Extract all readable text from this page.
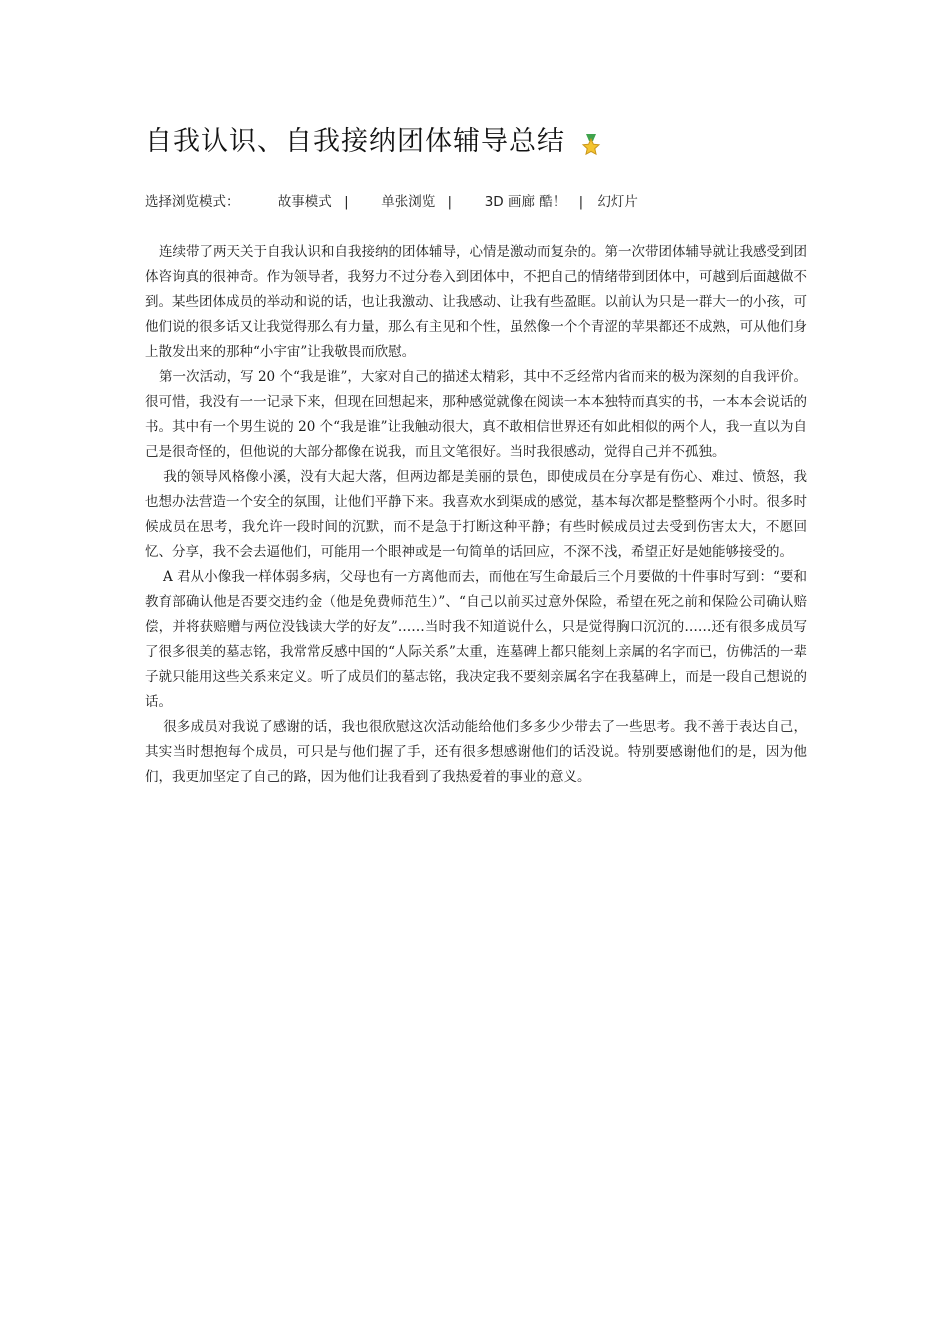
自我认识、自我接纳团体辅导总结
选择浏览模式：	故事模式 | 单张浏览 | 3D 画廊 酷！ | 幻灯片

连续带了两天关于自我认识和自我接纳的团体辅导，心情是激动而复杂的。第一次带团体辅导就让我感受到团体咨询真的很神奇。作为领导者，我努力不过分卷入到团体中，不把自己的情绪带到团体中，可越到后面越做不到。某些团体成员的举动和说的话，也让我激动、让我感动、让我有些盈眶。以前认为只是一群大一的小孩，可他们说的很多话又让我觉得那么有力量，那么有主见和个性，虽然像一个个青涩的苹果都还不成熟，可从他们身上散发出来的那种“小宇宙”让我敬畏而欣慰。

第一次活动，写 20 个“我是谁”，大家对自己的描述太精彩，其中不乏经常内省而来的极为深刻的自我评价。很可惜，我没有一一记录下来，但现在回想起来，那种感觉就像在阅读一本本独特而真实的书，一本本会说话的书。其中有一个男生说的 20 个“我是谁”让我触动很大，真不敢相信世界还有如此相似的两个人，我一直以为自己是很奇怪的，但他说的大部分都像在说我，而且文笔很好。当时我很感动，觉得自己并不孤独。

我的领导风格像小溪，没有大起大落，但两边都是美丽的景色，即使成员在分享是有伤心、难过、愤怒，我也想办法营造一个安全的氛围，让他们平静下来。我喜欢水到渠成的感觉，基本每次都是整整两个小时。很多时候成员在思考，我允许一段时间的沉默，而不是急于打断这种平静；有些时候成员过去受到伤害太大，不愿回忆、分享，我不会去逼他们，可能用一个眼神或是一句简单的话回应，不深不浅，希望正好是她能够接受的。

A 君从小像我一样体弱多病，父母也有一方离他而去，而他在写生命最后三个月要做的十件事时写到：“要和教育部确认他是否要交违约金（他是免费师范生）”、“自己以前买过意外保险，希望在死之前和保险公司确认赔偿，并将获赔赠与两位没钱读大学的好友”……当时我不知道说什么，只是觉得胸口沉沉的……还有很多成员写了很多很美的墓志铭，我常常反感中国的“人际关系”太重，连墓碑上都只能刻上亲属的名字而已，仿佛活的一辈子就只能用这些关系来定义。听了成员们的墓志铭，我决定我不要刻亲属名字在我墓碑上，而是一段自己想说的话。

很多成员对我说了感谢的话，我也很欣慰这次活动能给他们多多少少带去了一些思考。我不善于表达自己，其实当时想抱每个成员，可只是与他们握了手，还有很多想感谢他们的话没说。特别要感谢他们的是，因为他们，我更加坚定了自己的路，因为他们让我看到了我热爱着的事业的意义。
